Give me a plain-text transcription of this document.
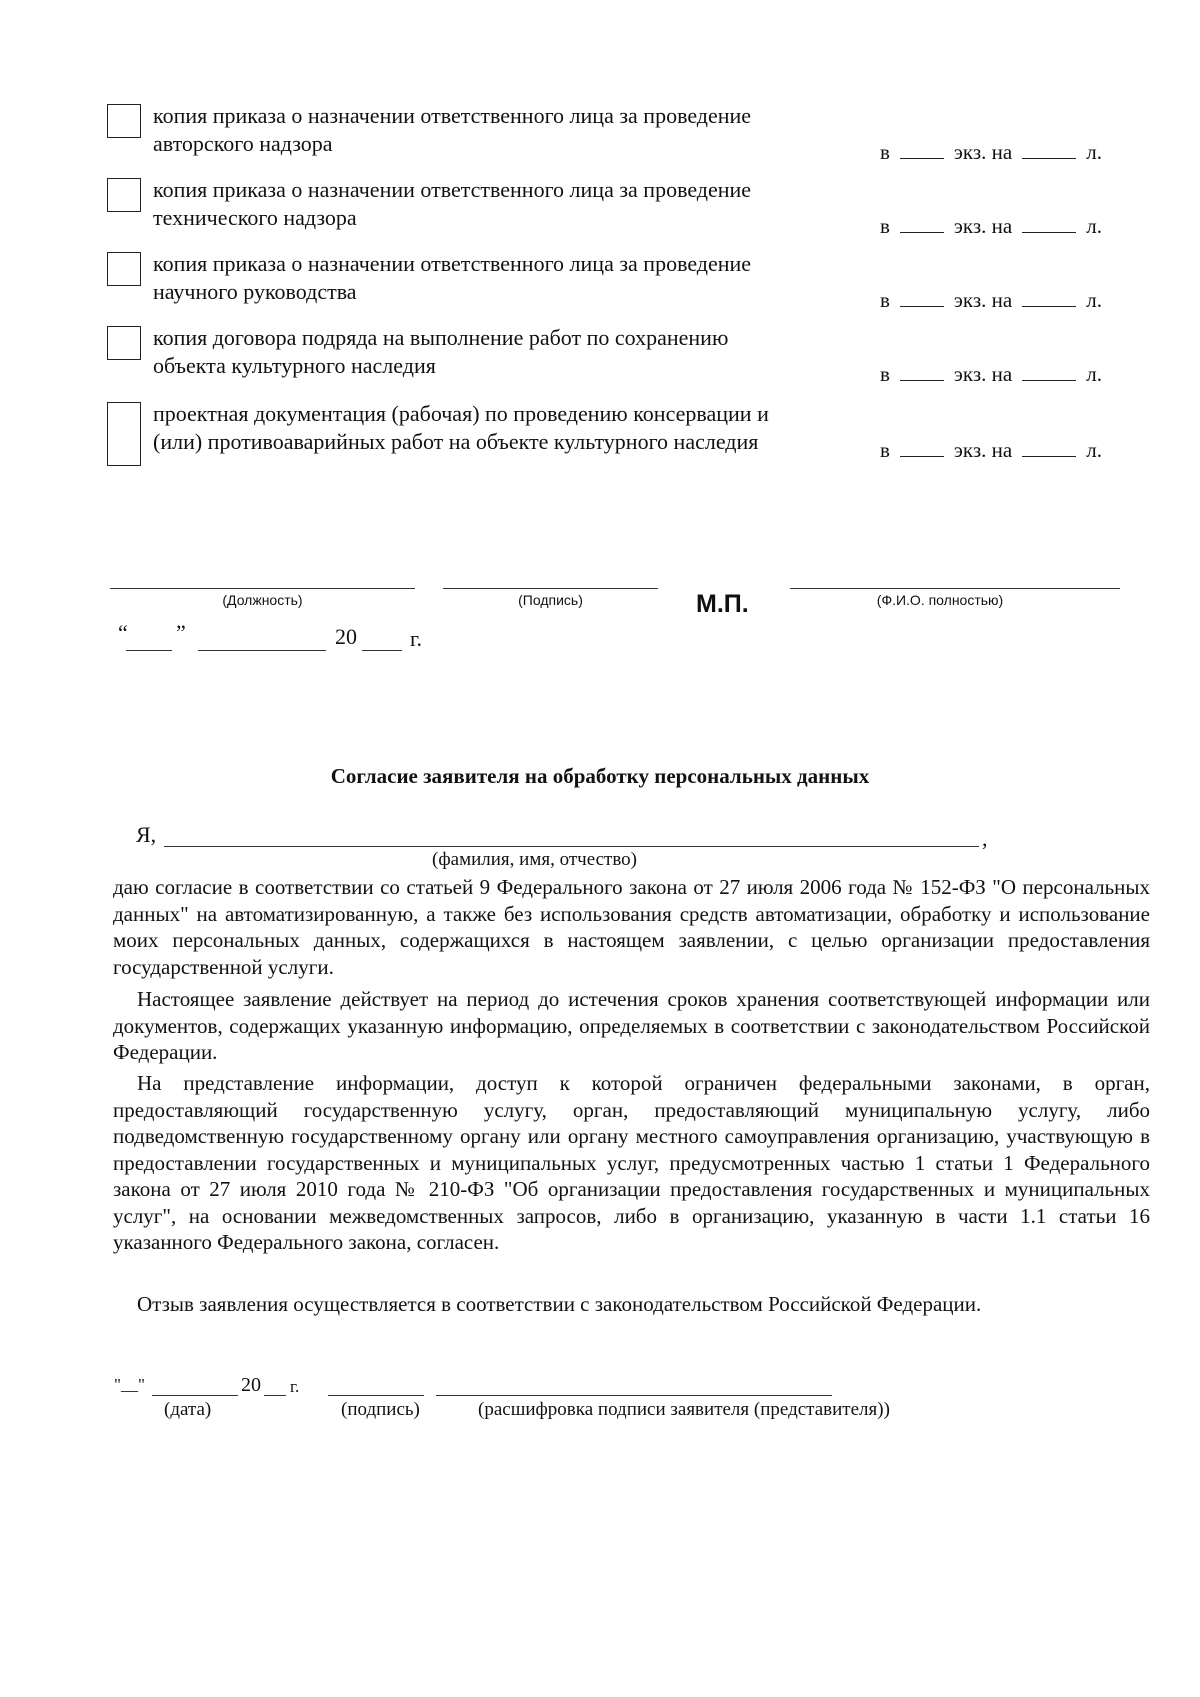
копия приказа о назначении ответственного лица за проведение
авторского надзора	в	экз. на	л.
копия приказа о назначении ответственного лица за проведение
технического надзора	в	экз. на	л.
копия приказа о назначении ответственного лица за проведение
научного руководства	в	экз. на	л.
копия договора подряда на выполнение работ по сохранению
объекта культурного наследия	в	экз. на	л.
проектная документация (рабочая) по проведению консервации и
(или) противоаварийных работ на объекте культурного наследия	в	экз. на	л.
(Должность)	(Подпись)	М.П.	(Ф.И.О. полностью)
“ ”	20 г.
Согласие заявителя на обработку персональных данных
Я,	,
(фамилия, имя, отчество)
даю согласие в соответствии со статьей 9 Федерального закона от 27 июля 2006 года № 152-ФЗ "О персональных данных" на автоматизированную, а также без использования средств автоматизации, обработку и использование моих персональных данных, содержащихся в настоящем заявлении, с целью организации предоставления государственной услуги.
Настоящее заявление действует на период до истечения сроков хранения соответствующей информации или документов, содержащих указанную информацию, определяемых в соответствии с законодательством Российской Федерации.
На представление информации, доступ к которой ограничен федеральными законами, в орган, предоставляющий государственную услугу, орган, предоставляющий муниципальную услугу, либо подведомственную государственному органу или органу местного самоуправления организацию, участвующую в предоставлении государственных и муниципальных услуг, предусмотренных частью 1 статьи 1 Федерального закона от 27 июля 2010 года № 210-ФЗ "Об организации предоставления государственных и муниципальных услуг", на основании межведомственных запросов, либо в организацию, указанную в части 1.1 статьи 16 указанного Федерального закона, согласен.
Отзыв заявления осуществляется в соответствии с законодательством Российской Федерации.
"__"	20 г.
(дата)	(подпись)	(расшифровка подписи заявителя (представителя))
